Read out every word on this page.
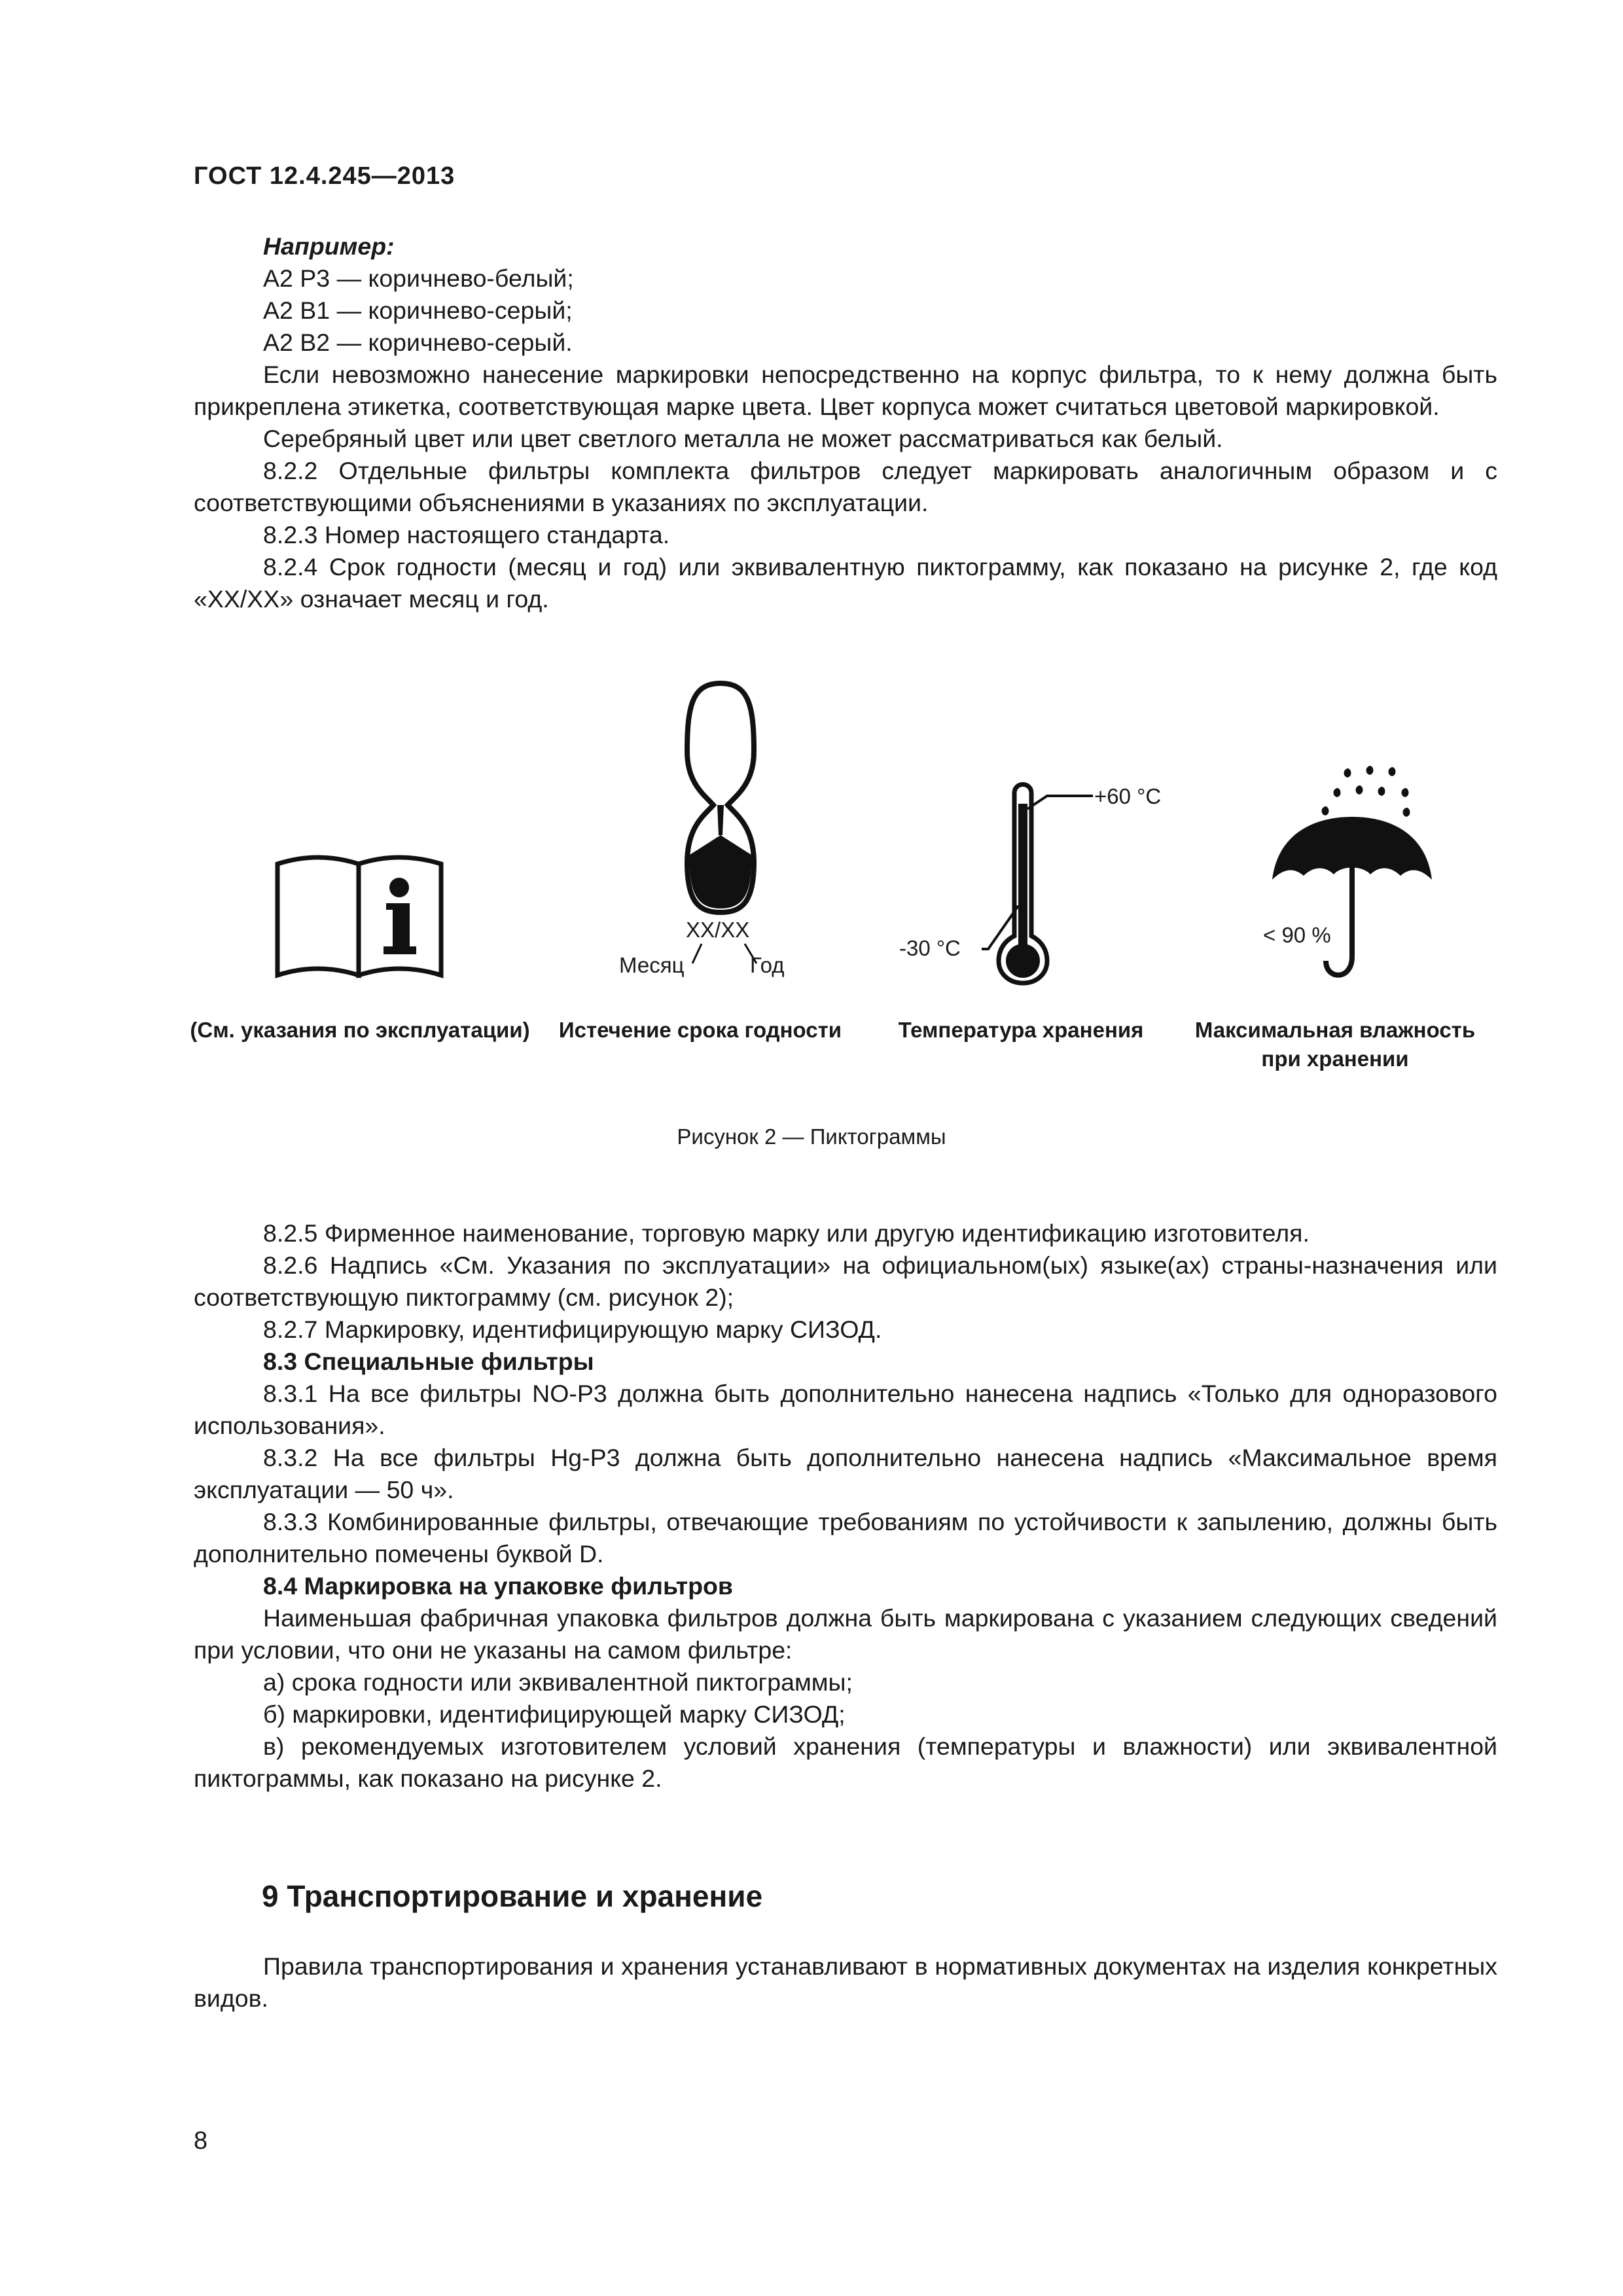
ГОСТ 12.4.245—2013

Например:

А2 Р3 — коричнево-белый;

А2 В1 — коричнево-серый;

А2 В2 — коричнево-серый.

Если невозможно нанесение маркировки непосредственно на корпус фильтра, то к нему должна быть прикреплена этикетка, соответствующая марке цвета. Цвет корпуса может считаться цветовой маркировкой.

Серебряный цвет или цвет светлого металла не может рассматриваться как белый.

8.2.2 Отдельные фильтры комплекта фильтров следует маркировать аналогичным образом и с соответствующими объяснениями в указаниях по эксплуатации.

8.2.3 Номер настоящего стандарта.

8.2.4 Срок годности (месяц и год) или эквивалентную пиктограмму, как показано на рисунке 2, где код «XX/XX» означает месяц и год.

XX/XX
Месяц	Год
+60 °C
-30 °C
< 90 %
(См. указания по эксплуатации)	Истечение срока годности	Температура хранения	Максимальная влажность при хранении
Рисунок 2 — Пиктограммы

8.2.5 Фирменное наименование, торговую марку или другую идентификацию изготовителя.

8.2.6 Надпись «См. Указания по эксплуатации» на официальном(ых) языке(ах) страны-назначения или соответствующую пиктограмму (см. рисунок 2);

8.2.7 Маркировку, идентифицирующую марку СИЗОД.

8.3 Специальные фильтры

8.3.1 На все фильтры NO-P3 должна быть дополнительно нанесена надпись «Только для одноразового использования».

8.3.2 На все фильтры Hg-P3 должна быть дополнительно нанесена надпись «Максимальное время эксплуатации — 50 ч».

8.3.3 Комбинированные фильтры, отвечающие требованиям по устойчивости к запылению, должны быть дополнительно помечены буквой D.

8.4 Маркировка на упаковке фильтров

Наименьшая фабричная упаковка фильтров должна быть маркирована с указанием следующих сведений при условии, что они не указаны на самом фильтре:

а) срока годности или эквивалентной пиктограммы;

б) маркировки, идентифицирующей марку СИЗОД;

в) рекомендуемых изготовителем условий хранения (температуры и влажности) или эквивалентной пиктограммы, как показано на рисунке 2.

9 Транспортирование и хранение

Правила транспортирования и хранения устанавливают в нормативных документах на изделия конкретных видов.

8
